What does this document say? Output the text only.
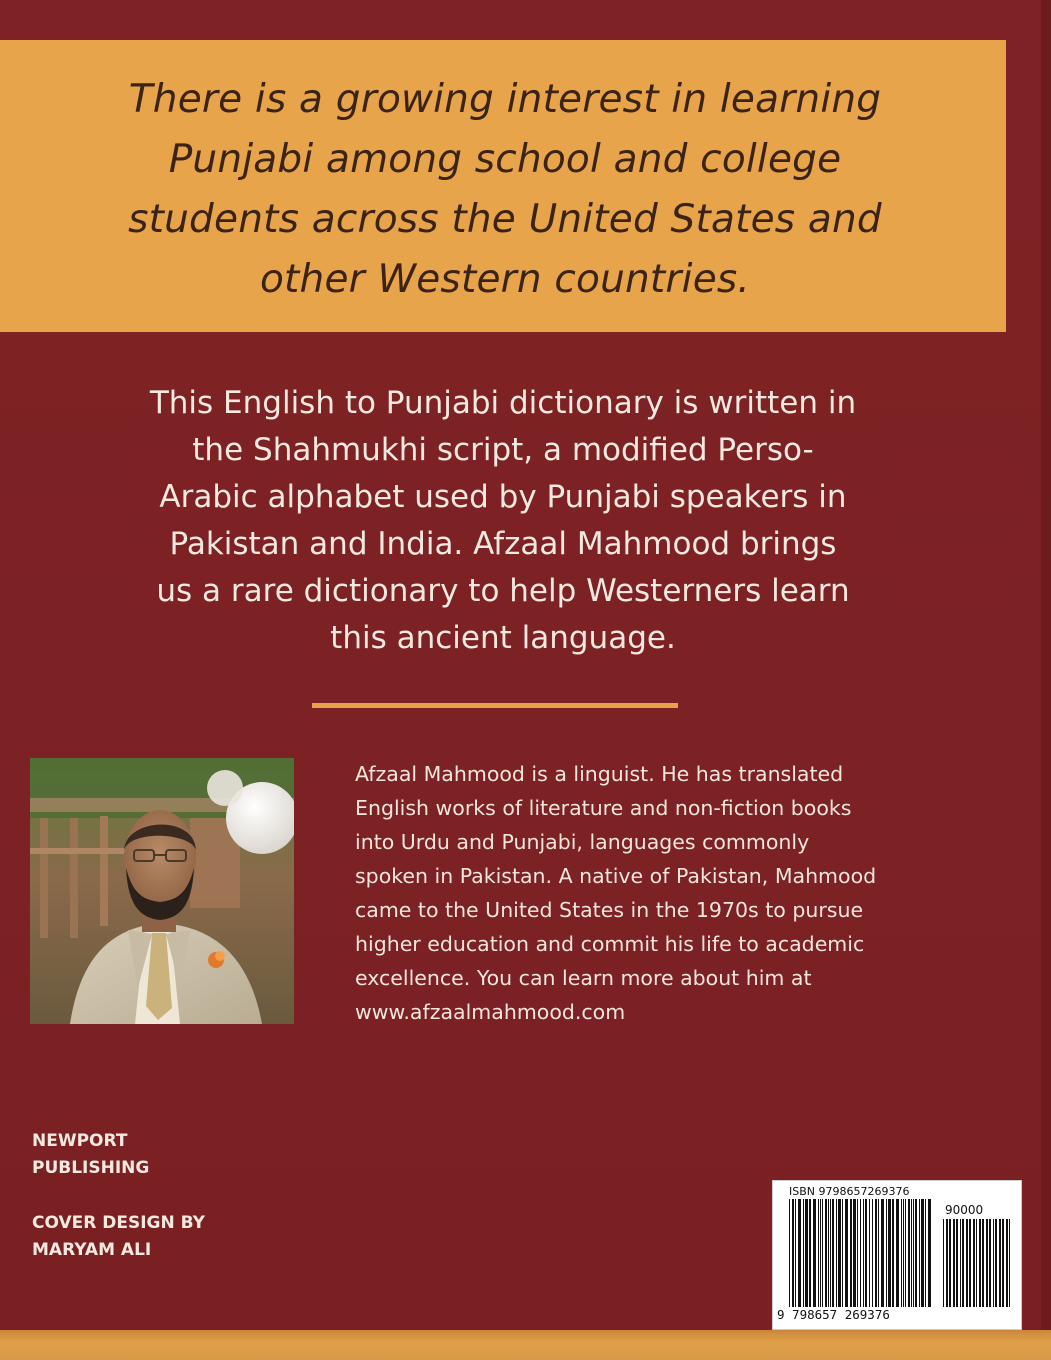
There is a growing interest in learning
Punjabi among school and college
students across the United States and
other Western countries.

This English to Punjabi dictionary is written in
the Shahmukhi script, a modified Perso-
Arabic alphabet used by Punjabi speakers in
Pakistan and India. Afzaal Mahmood brings
us a rare dictionary to help Westerners learn
this ancient language.

Afzaal Mahmood is a linguist. He has translated
English works of literature and non-fiction books
into Urdu and Punjabi, languages commonly
spoken in Pakistan. A native of Pakistan, Mahmood
came to the United States in the 1970s to pursue
higher education and commit his life to academic
excellence. You can learn more about him at
www.afzaalmahmood.com

NEWPORT
PUBLISHING

COVER DESIGN BY
MARYAM ALI

ISBN 9798657269376
90000
9 798657 269376
